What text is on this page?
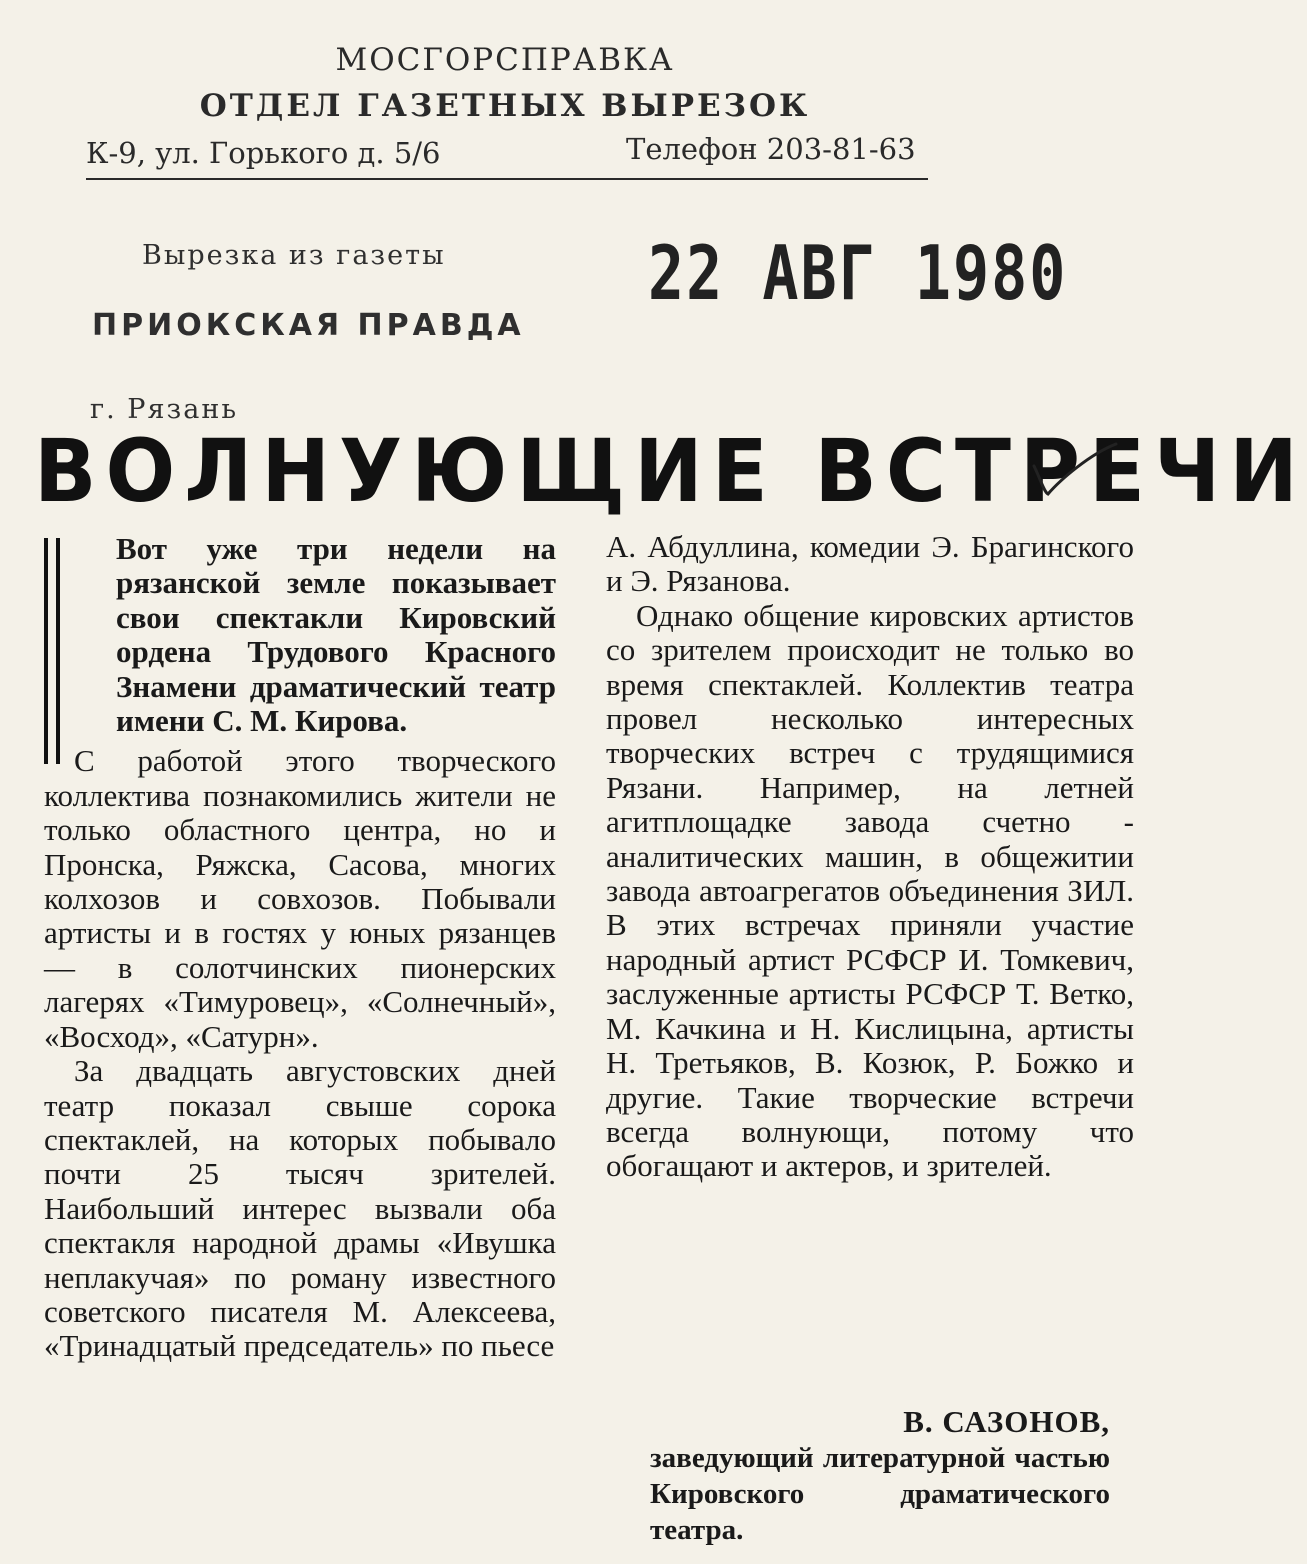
МОСГОРСПРАВКА
ОТДЕЛ ГАЗЕТНЫХ ВЫРЕЗОК
К-9, ул. Горького д. 5/6	Телефон 203-81-63
Вырезка из газеты
ПРИОКСКАЯ ПРАВДА
22 АВГ 1980
г. Рязань
ВОЛНУЮЩИЕ ВСТРЕЧИ
Вот уже три недели на рязанской земле показывает свои спектакли Кировский ордена Трудового Красного Знамени драматический театр имени С. М. Кирова.

С работой этого творческого коллектива познакомились жители не только областного центра, но и Пронска, Ряжска, Сасова, многих колхозов и совхозов. Побывали артисты и в гостях у юных рязанцев — в солотчинских пионерских лагерях «Тимуровец», «Солнечный», «Восход», «Сатурн».

За двадцать августовских дней театр показал свыше сорока спектаклей, на которых побывало почти 25 тысяч зрителей. Наибольший интерес вызвали оба спектакля народной драмы «Ивушка неплакучая» по роману известного советского писателя М. Алексеева, «Тринадцатый председатель» по пьесе

А. Абдуллина, комедии Э. Брагинского и Э. Рязанова.

Однако общение кировских артистов со зрителем происходит не только во время спектаклей. Коллектив театра провел несколько интересных творческих встреч с трудящимися Рязани. Например, на летней агитплощадке завода счетно - аналитических машин, в общежитии завода автоагрегатов объединения ЗИЛ. В этих встречах приняли участие народный артист РСФСР И. Томкевич, заслуженные артисты РСФСР Т. Ветко, М. Качкина и Н. Кислицына, артисты Н. Третьяков, В. Козюк, Р. Божко и другие. Такие творческие встречи всегда волнующи, потому что обогащают и актеров, и зрителей.

В. САЗОНОВ,
заведующий литературной частью Кировского драматического театра.
